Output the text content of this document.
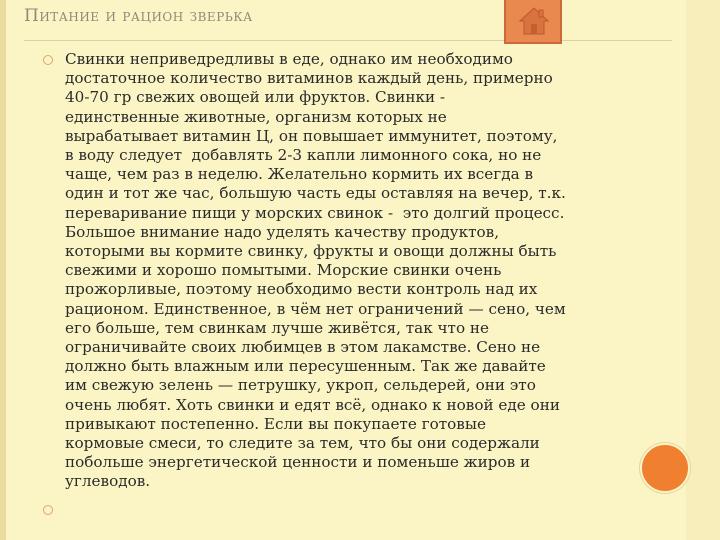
Питание и рацион зверька
Свинки неприведредливы в еде, однако им необходимо
достаточное количество витаминов каждый день, примерно
40-70 гр свежих овощей или фруктов. Свинки -
единственные животные, организм которых не
вырабатывает витамин Ц, он повышает иммунитет, поэтому,
в воду следует  добавлять 2-3 капли лимонного сока, но не
чаще, чем раз в неделю. Желательно кормить их всегда в
один и тот же час, большую часть еды оставляя на вечер, т.к.
переваривание пищи у морских свинок -  это долгий процесс.
Большое внимание надо уделять качеству продуктов,
которыми вы кормите свинку, фрукты и овощи должны быть
свежими и хорошо помытыми. Морские свинки очень
прожорливые, поэтому необходимо вести контроль над их
рационом. Единственное, в чём нет ограничений — сено, чем
его больше, тем свинкам лучше живётся, так что не
ограничивайте своих любимцев в этом лакамстве. Сено не
должно быть влажным или пересушенным. Так же давайте
им свежую зелень — петрушку, укроп, сельдерей, они это
очень любят. Хоть свинки и едят всё, однако к новой еде они
привыкают постепенно. Если вы покупаете готовые
кормовые смеси, то следите за тем, что бы они содержали
побольше энергетической ценности и поменьше жиров и
углеводов.
